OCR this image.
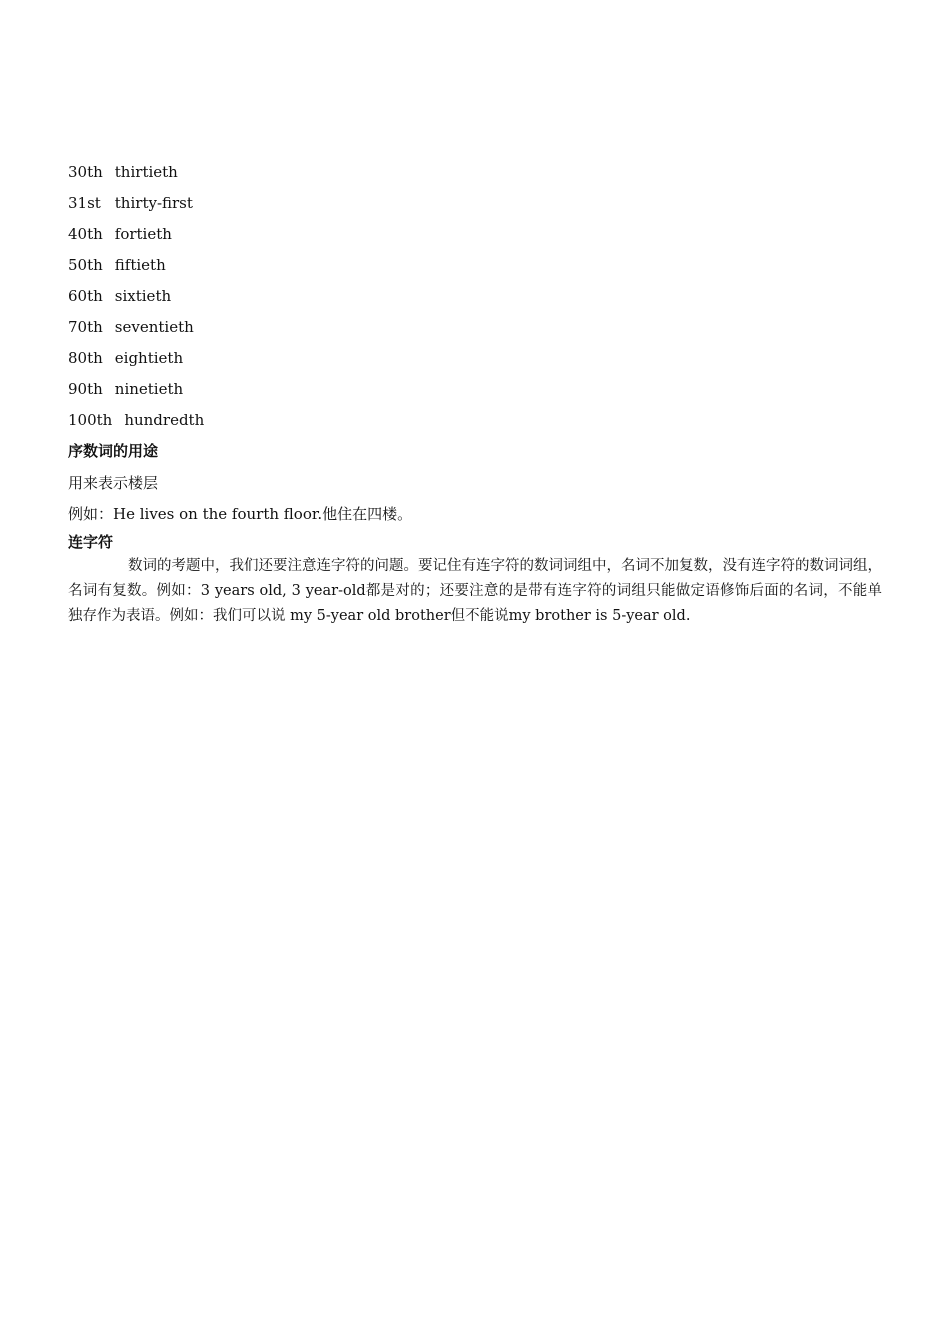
30th thirtieth
31st thirty-first
40th fortieth
50th fiftieth
60th sixtieth
70th seventieth
80th eightieth
90th ninetieth
100th hundredth
序数词的用途
用来表示楼层
例如：He lives on the fourth floor.他住在四楼。
连字符

数词的考题中，我们还要注意连字符的问题。要记住有连字符的数词词组中，名词不加复数，没有连字符的数词词组，名词有复数。例如：3 years old, 3 year-old都是对的；还要注意的是带有连字符的词组只能做定语修饰后面的名词，不能单独存作为表语。例如：我们可以说 my 5-year old brother但不能说my brother is 5-year old.
